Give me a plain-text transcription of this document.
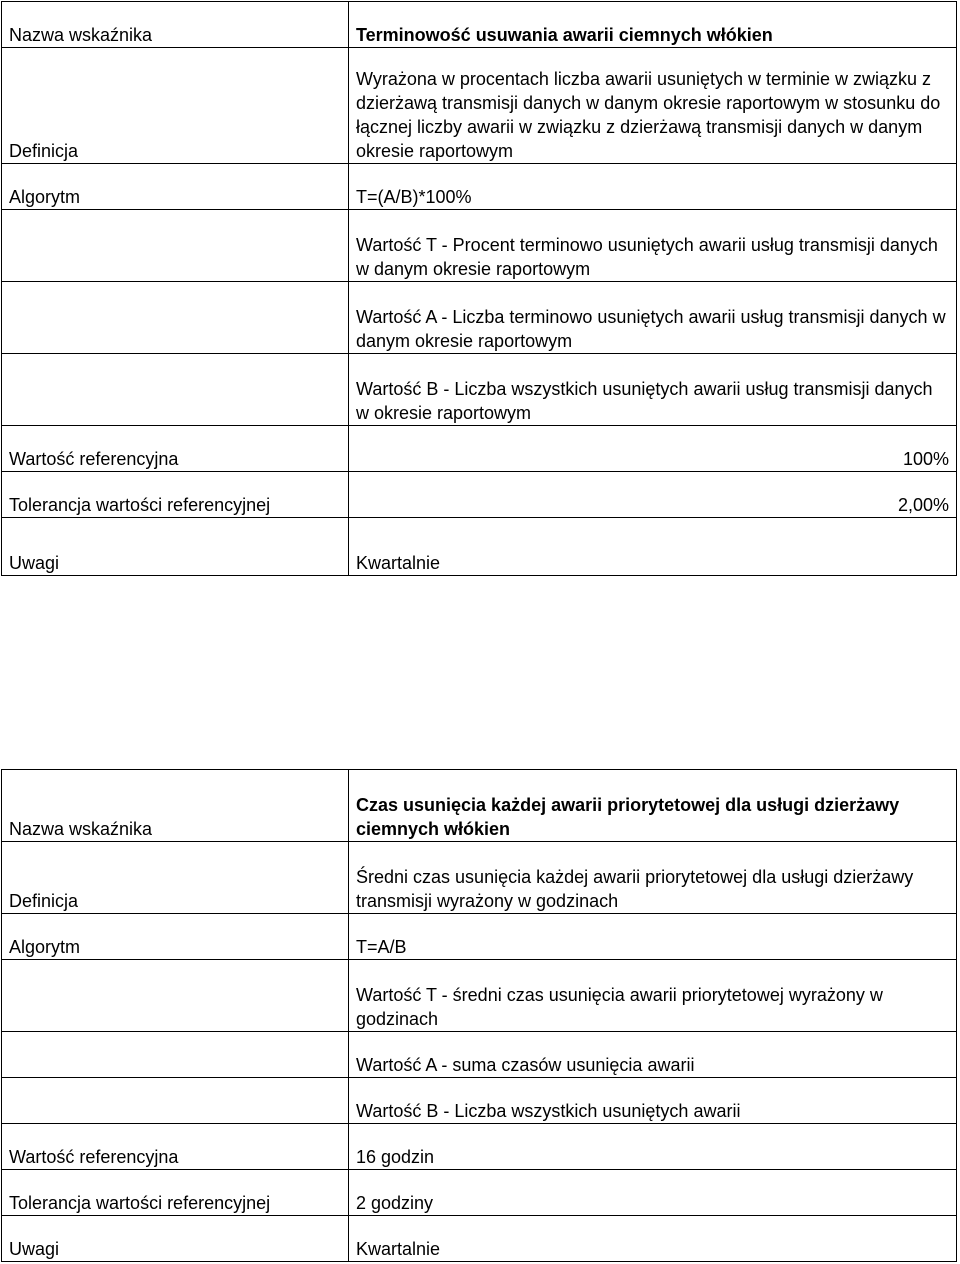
Nazwa wskaźnika	Terminowość usuwania awarii ciemnych włókien
Definicja	Wyrażona w procentach liczba awarii usuniętych w terminie w związku z dzierżawą transmisji danych w danym okresie raportowym w stosunku do łącznej liczby awarii w związku z dzierżawą transmisji danych w danym okresie raportowym
Algorytm	T=(A/B)*100%
	Wartość T - Procent terminowo usuniętych awarii usług transmisji danych w danym okresie raportowym
	Wartość A - Liczba terminowo usuniętych awarii usług transmisji danych w danym okresie raportowym
	Wartość B - Liczba wszystkich usuniętych awarii usług transmisji danych w okresie raportowym
Wartość referencyjna	100%
Tolerancja wartości referencyjnej	2,00%
Uwagi	Kwartalnie
Nazwa wskaźnika	Czas usunięcia każdej awarii priorytetowej dla usługi dzierżawy ciemnych włókien
Definicja	Średni czas usunięcia każdej awarii priorytetowej dla usługi dzierżawy transmisji wyrażony w godzinach
Algorytm	T=A/B
	Wartość T - średni czas usunięcia awarii priorytetowej wyrażony w godzinach
	Wartość A - suma czasów usunięcia awarii
	Wartość B - Liczba wszystkich usuniętych awarii
Wartość referencyjna	16 godzin
Tolerancja wartości referencyjnej	2 godziny
Uwagi	Kwartalnie
